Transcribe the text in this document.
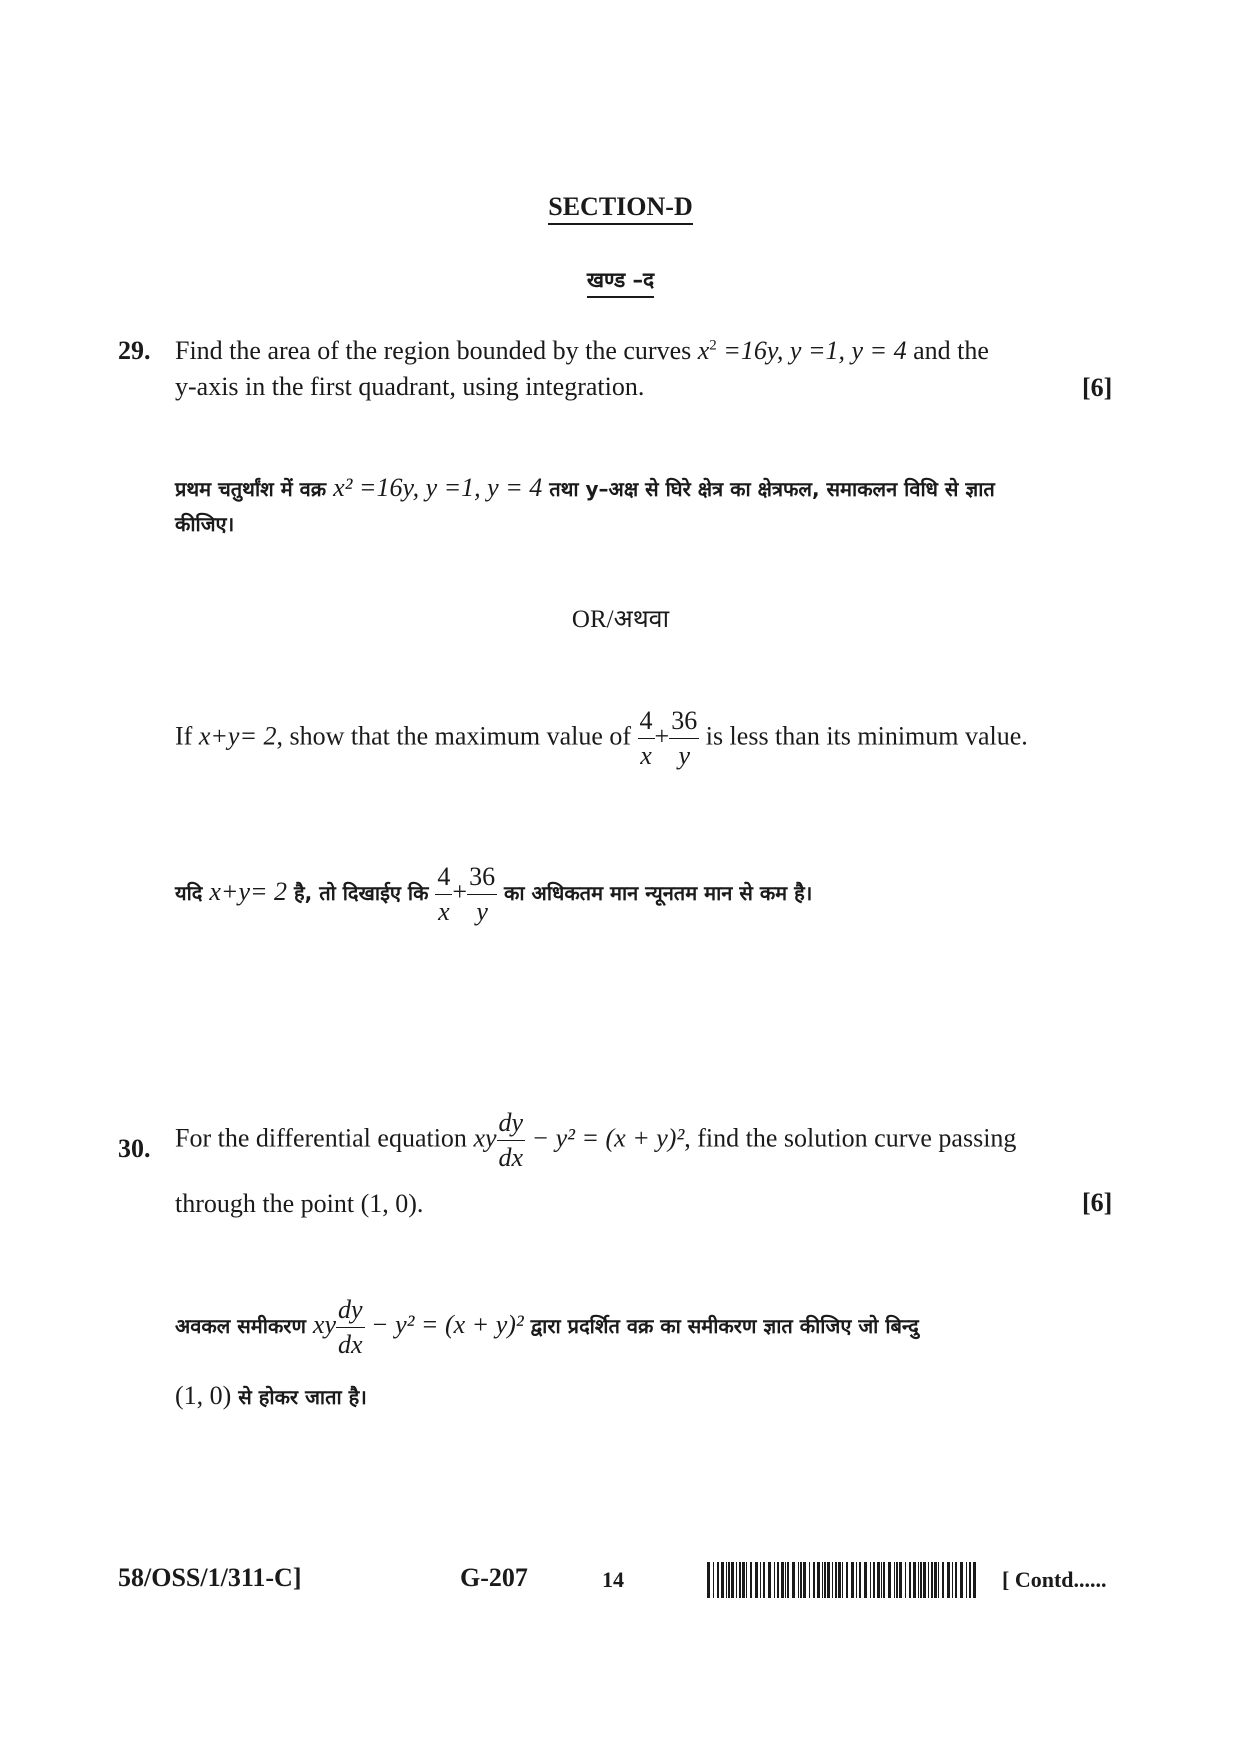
SECTION-D
खण्ड –द
29. Find the area of the region bounded by the curves $x^2 =16y$, y =1, y = 4 and the
y-axis in the first quadrant, using integration.	[6]
प्रथम चतुर्थांश में वक्र x² =16y, y =1, y = 4 तथा y–अक्ष से घिरे क्षेत्र का क्षेत्रफल, समाकलन विधि से ज्ञात
कीजिए।
OR/अथवा
If x+y= 2, show that the maximum value of $\frac{4}{x} + \frac{36}{y}$ is less than its minimum value.
यदि x+y= 2 है, तो दिखाईए कि $\frac{4}{x} + \frac{36}{y}$ का अधिकतम मान न्यूनतम मान से कम है।
30. For the differential equation xy $\frac{dy}{dx} - y^2 = (x + y)^2$, find the solution curve passing
through the point (1, 0).	[6]
अवकल समीकरण xy $\frac{dy}{dx} - y^2 = (x + y)^2$ द्वारा प्रदर्शित वक्र का समीकरण ज्ञात कीजिए जो बिन्दु
(1, 0) से होकर जाता है।
58/OSS/1/311-C]	G-207	14	[ Contd......
